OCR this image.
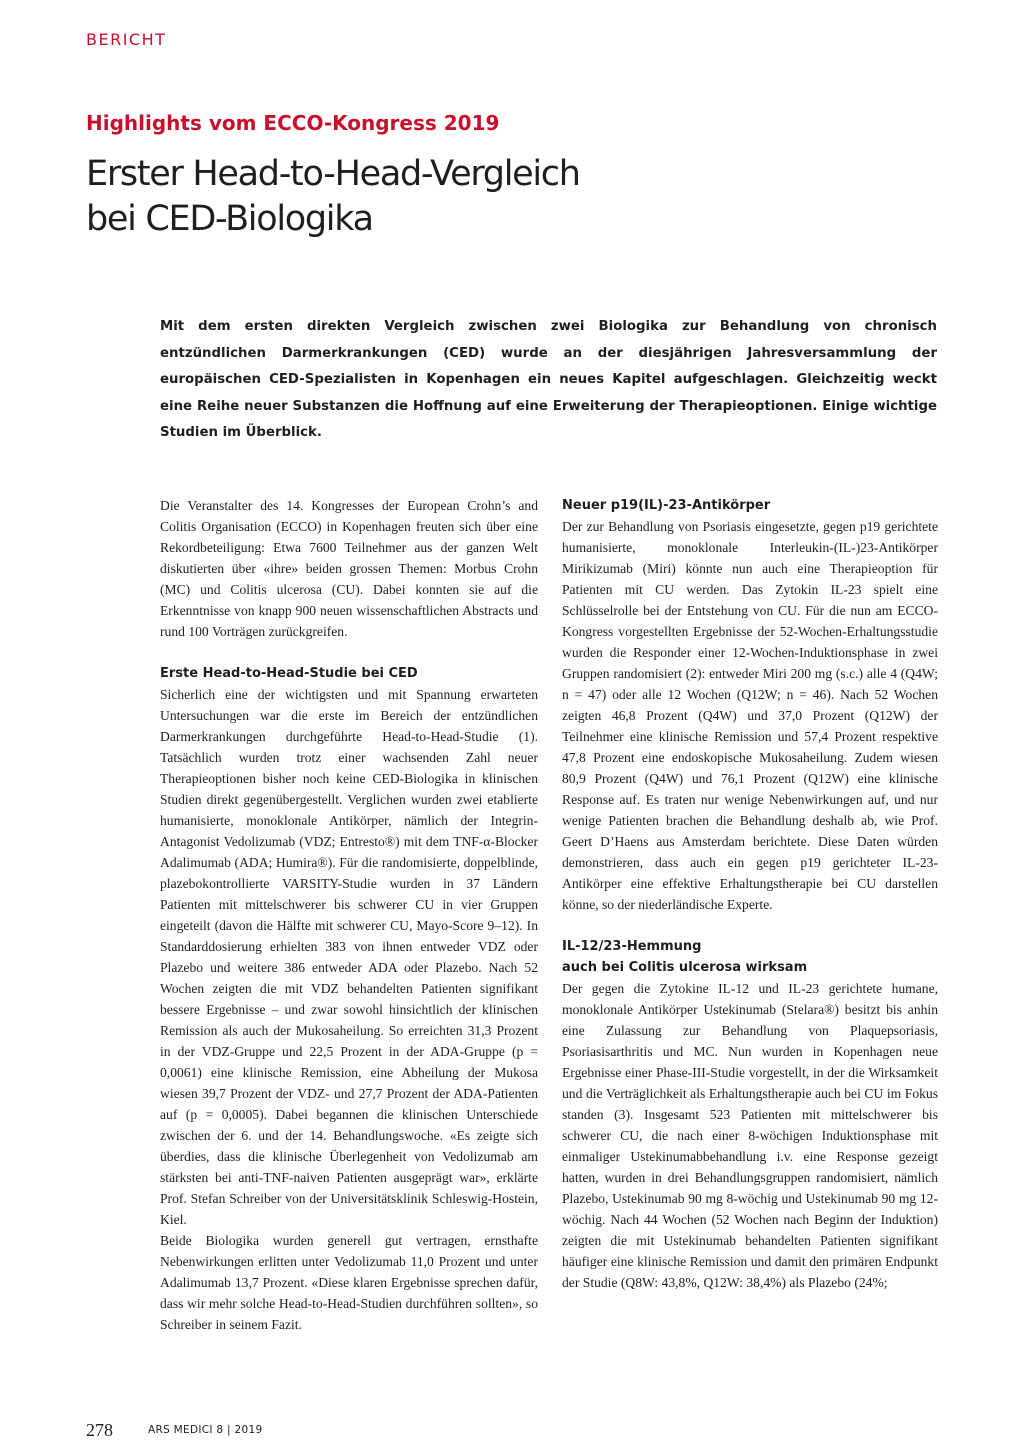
BERICHT
Highlights vom ECCO-Kongress 2019
Erster Head-to-Head-Vergleich
bei CED-Biologika

Mit dem ersten direkten Vergleich zwischen zwei Biologika zur Behandlung von chronisch entzündlichen Darmerkrankungen (CED) wurde an der diesjährigen Jahresversammlung der europäischen CED-Spezialisten in Kopenhagen ein neues Kapitel aufgeschlagen. Gleichzeitig weckt eine Reihe neuer Substanzen die Hoffnung auf eine Erweiterung der Therapieoptionen. Einige wichtige Studien im Überblick.

Die Veranstalter des 14. Kongresses der European Crohn’s and Colitis Organisation (ECCO) in Kopenhagen freuten sich über eine Rekordbeteiligung: Etwa 7600 Teilnehmer aus der ganzen Welt diskutierten über «ihre» beiden grossen Themen: Morbus Crohn (MC) und Colitis ulcerosa (CU). Dabei konnten sie auf die Erkenntnisse von knapp 900 neuen wissenschaftlichen Abstracts und rund 100 Vorträgen zurückgreifen.

Erste Head-to-Head-Studie bei CED

Sicherlich eine der wichtigsten und mit Spannung erwarteten Untersuchungen war die erste im Bereich der entzündlichen Darmerkrankungen durchgeführte Head-to-Head-Studie (1). Tatsächlich wurden trotz einer wachsenden Zahl neuer Therapieoptionen bisher noch keine CED-Biologika in klinischen Studien direkt gegenübergestellt. Verglichen wurden zwei etablierte humanisierte, monoklonale Antikörper, nämlich der Integrin-Antagonist Vedolizumab (VDZ; Entresto®) mit dem TNF-α-Blocker Adalimumab (ADA; Humira®). Für die randomisierte, doppelblinde, plazebokontrollierte VARSITY-Studie wurden in 37 Ländern Patienten mit mittelschwerer bis schwerer CU in vier Gruppen eingeteilt (davon die Hälfte mit schwerer CU, Mayo-Score 9–12). In Standarddosierung erhielten 383 von ihnen entweder VDZ oder Plazebo und weitere 386 entweder ADA oder Plazebo. Nach 52 Wochen zeigten die mit VDZ behandelten Patienten signifikant bessere Ergebnisse – und zwar sowohl hinsichtlich der klinischen Remission als auch der Mukosaheilung. So erreichten 31,3 Prozent in der VDZ-Gruppe und 22,5 Prozent in der ADA-Gruppe (p = 0,0061) eine klinische Remission, eine Abheilung der Mukosa wiesen 39,7 Prozent der VDZ- und 27,7 Prozent der ADA-Patienten auf (p = 0,0005). Dabei begannen die klinischen Unterschiede zwischen der 6. und der 14. Behandlungswoche. «Es zeigte sich überdies, dass die klinische Überlegenheit von Vedolizumab am stärksten bei anti-TNF-naiven Patienten ausgeprägt war», erklärte Prof. Stefan Schreiber von der Universitätsklinik Schleswig-Hostein, Kiel.

Beide Biologika wurden generell gut vertragen, ernsthafte Nebenwirkungen erlitten unter Vedolizumab 11,0 Prozent und unter Adalimumab 13,7 Prozent. «Diese klaren Ergebnisse sprechen dafür, dass wir mehr solche Head-to-Head-Studien durchführen sollten», so Schreiber in seinem Fazit.

Neuer p19(IL)-23-Antikörper

Der zur Behandlung von Psoriasis eingesetzte, gegen p19 gerichtete humanisierte, monoklonale Interleukin-(IL-)23-Antikörper Mirikizumab (Miri) könnte nun auch eine Therapieoption für Patienten mit CU werden. Das Zytokin IL-23 spielt eine Schlüsselrolle bei der Entstehung von CU. Für die nun am ECCO-Kongress vorgestellten Ergebnisse der 52-Wochen-Erhaltungsstudie wurden die Responder einer 12-Wochen-Induktionsphase in zwei Gruppen randomisiert (2): entweder Miri 200 mg (s.c.) alle 4 (Q4W; n = 47) oder alle 12 Wochen (Q12W; n = 46). Nach 52 Wochen zeigten 46,8 Prozent (Q4W) und 37,0 Prozent (Q12W) der Teilnehmer eine klinische Remission und 57,4 Prozent respektive 47,8 Prozent eine endoskopische Mukosaheilung. Zudem wiesen 80,9 Prozent (Q4W) und 76,1 Prozent (Q12W) eine klinische Response auf. Es traten nur wenige Nebenwirkungen auf, und nur wenige Patienten brachen die Behandlung deshalb ab, wie Prof. Geert D’Haens aus Amsterdam berichtete. Diese Daten würden demonstrieren, dass auch ein gegen p19 gerichteter IL-23-Antikörper eine effektive Erhaltungstherapie bei CU darstellen könne, so der niederländische Experte.

IL-12/23-Hemmung
auch bei Colitis ulcerosa wirksam

Der gegen die Zytokine IL-12 und IL-23 gerichtete humane, monoklonale Antikörper Ustekinumab (Stelara®) besitzt bis anhin eine Zulassung zur Behandlung von Plaquepsoriasis, Psoriasisarthritis und MC. Nun wurden in Kopenhagen neue Ergebnisse einer Phase-III-Studie vorgestellt, in der die Wirksamkeit und die Verträglichkeit als Erhaltungstherapie auch bei CU im Fokus standen (3). Insgesamt 523 Patienten mit mittelschwerer bis schwerer CU, die nach einer 8-wöchigen Induktionsphase mit einmaliger Ustekinumabbehandlung i.v. eine Response gezeigt hatten, wurden in drei Behandlungsgruppen randomisiert, nämlich Plazebo, Ustekinumab 90 mg 8-wöchig und Ustekinumab 90 mg 12-wöchig. Nach 44 Wochen (52 Wochen nach Beginn der Induktion) zeigten die mit Ustekinumab behandelten Patienten signifikant häufiger eine klinische Remission und damit den primären Endpunkt der Studie (Q8W: 43,8%, Q12W: 38,4%) als Plazebo (24%;

278	ARS MEDICI 8 | 2019
